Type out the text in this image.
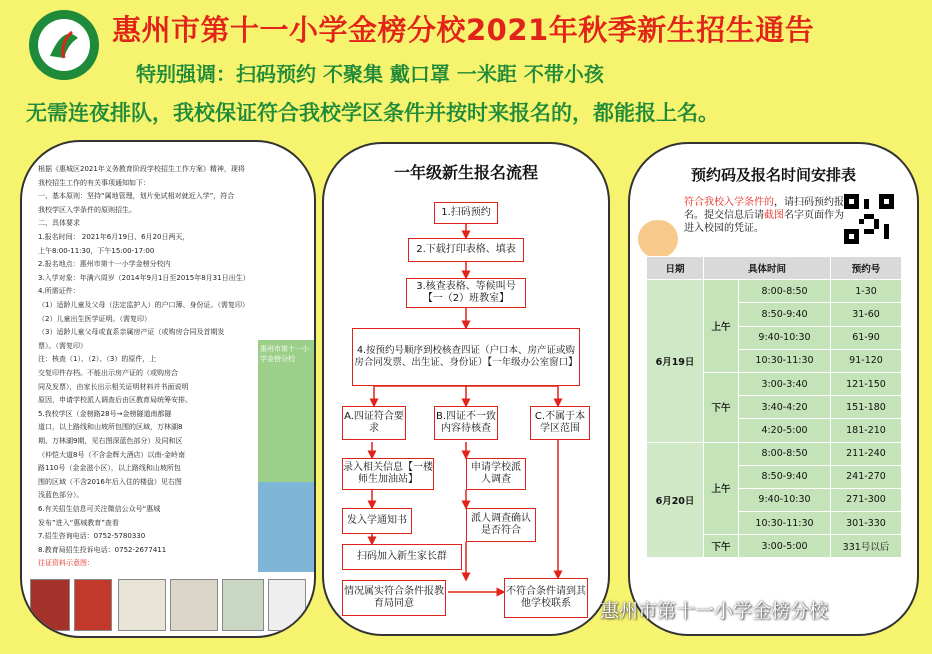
惠州市第十一小学金榜分校2021年秋季新生招生通告
特别强调：扫码预约 不聚集 戴口罩 一米距 不带小孩
无需连夜排队，我校保证符合我校学区条件并按时来报名的，都能报上名。
根据《惠城区2021年义务教育阶段学校招生工作方案》精神，现将
我校招生工作的有关事项通知如下：
一、基本原则：坚持“属地管理，划片免试相对就近入学”，符合
我校学区入学条件的原则招生。
二、具体要求
1.报名时间： 2021年6月19日、6月20日两天，
上午8:00-11:30，下午15:00-17:00
2.报名地点：惠州市第十一小学金榜分校内
3.入学对象：年满六周岁（2014年9月1日至2015年8月31日出生）
4.所需证件：
（1）适龄儿童及父母（法定监护人）的户口簿、身份证。（需复印）
（2）儿童出生医学证明。（需复印）
（3）适龄儿童父母或直系亲属房产证（或购房合同及首期发
票）。（需复印）
注：核查（1）、（2）、（3）的原件，上
交复印件存档。不能出示房产证的（或购房合
同及发票），由家长出示相关证明材料并书面说明
原因，申请学校派人调查后由区教育局统筹安排。
5.我校学区（金榜路28号→金榜隧道南都隧
道口，以上路线和山坡所包围的区域，万林湖8
期、万林湖9期，见右图深蓝色部分）及同和区
（仲恺大道8号（不含金辉大酒店）以南-金岭南
路110号（金金滋小区），以上路线和山坡所包
围的区域（不含2016年后入住的楼盘）见右图
浅蓝色部分）。
6.有关招生信息可关注微信公众号“惠城
发布”进入“惠城教育”查看
7.招生咨询电话：0752-5780330
8.教育局招生投诉电话：0752-2677411
往证资料示意图：
惠州市第十一小学金榜分校
一年级新生报名流程
1.扫码预约
2.下载打印表格、填表
3.核查表格、等候叫号【一（2）班教室】
4.按预约号顺序到校核查四证（户口本、房产证或购房合同发票、出生证、身份证）【一年级办公室窗口】
A.四证符合要求
B.四证不一致内容待核查
C.不属于本学区范围
录入相关信息【一楼师生加油站】
申请学校派人调查
发入学通知书	派人调查确认是否符合
扫码加入新生家长群
情况属实符合条件报教育局同意
不符合条件请到其他学校联系
预约码及报名时间安排表
符合我校入学条件的，请扫码预约报名。提交信息后请截图名字页面作为进入校园的凭证。
日期	具体时间		预约号
6月19日	上午	8:00-8:50	1-30
		8:50-9:40	31-60
		9:40-10:30	61-90
		10:30-11:30	91-120
	下午	3:00-3:40	121-150
		3:40-4:20	151-180
		4:20-5:00	181-210
6月20日	上午	8:00-8:50	211-240
		8:50-9:40	241-270
		9:40-10:30	271-300
		10:30-11:30	301-330
	下午	3:00-5:00	331号以后
惠州市第十一小学金榜分校
